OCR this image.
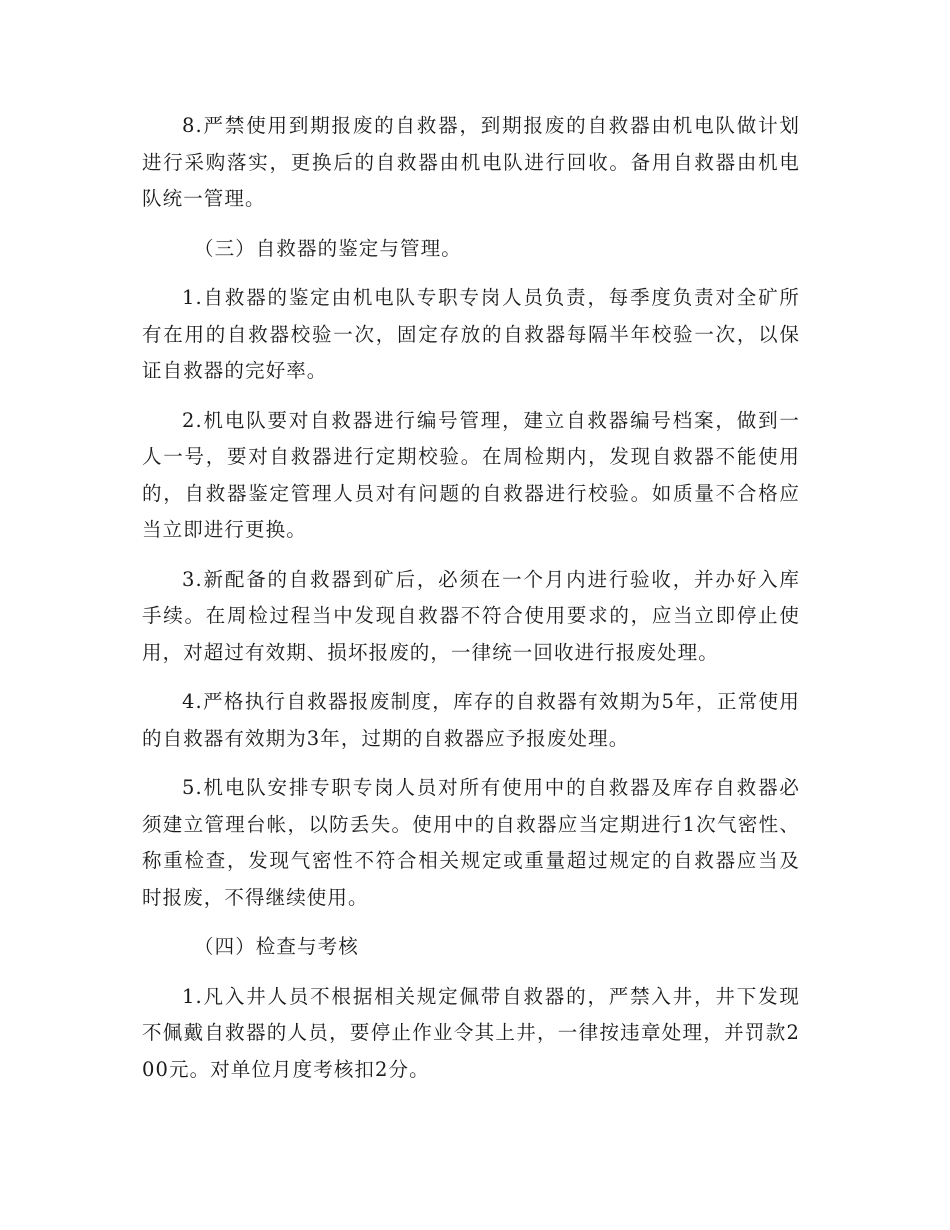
8.严禁使用到期报废的自救器，到期报废的自救器由机电队做计划进行采购落实，更换后的自救器由机电队进行回收。备用自救器由机电队统一管理。

（三）自救器的鉴定与管理。

1.自救器的鉴定由机电队专职专岗人员负责，每季度负责对全矿所有在用的自救器校验一次，固定存放的自救器每隔半年校验一次，以保证自救器的完好率。

2.机电队要对自救器进行编号管理，建立自救器编号档案，做到一人一号，要对自救器进行定期校验。在周检期内，发现自救器不能使用的，自救器鉴定管理人员对有问题的自救器进行校验。如质量不合格应当立即进行更换。

3.新配备的自救器到矿后，必须在一个月内进行验收，并办好入库手续。在周检过程当中发现自救器不符合使用要求的，应当立即停止使用，对超过有效期、损坏报废的，一律统一回收进行报废处理。

4.严格执行自救器报废制度，库存的自救器有效期为5年，正常使用的自救器有效期为3年，过期的自救器应予报废处理。

5.机电队安排专职专岗人员对所有使用中的自救器及库存自救器必须建立管理台帐，以防丢失。使用中的自救器应当定期进行1次气密性、称重检查，发现气密性不符合相关规定或重量超过规定的自救器应当及时报废，不得继续使用。

（四）检查与考核

1.凡入井人员不根据相关规定佩带自救器的，严禁入井，井下发现不佩戴自救器的人员，要停止作业令其上井，一律按违章处理，并罚款200元。对单位月度考核扣2分。
